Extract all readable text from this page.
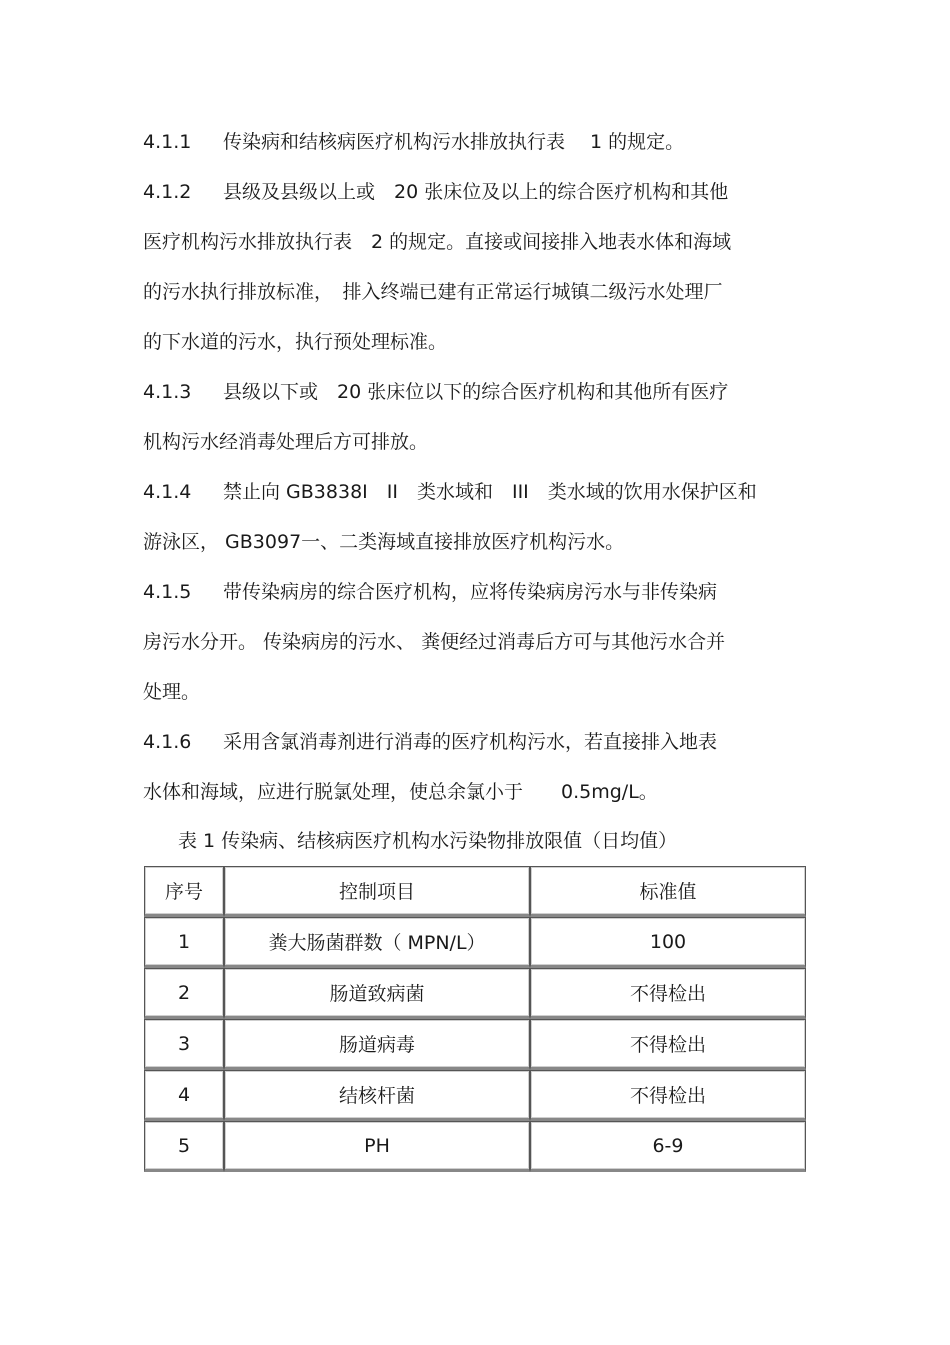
4.1.1 传染病和结核病医疗机构污水排放执行表　 1 的规定。
4.1.2 县级及县级以上或　20 张床位及以上的综合医疗机构和其他
医疗机构污水排放执行表　2 的规定。直接或间接排入地表水体和海域
的污水执行排放标准，　排入终端已建有正常运行城镇二级污水处理厂
的下水道的污水，执行预处理标准。
4.1.3 县级以下或　20 张床位以下的综合医疗机构和其他所有医疗
机构污水经消毒处理后方可排放。
4.1.4 禁止向 GB3838Ⅰ　II　类水域和　III　类水域的饮用水保护区和
游泳区， GB3097一、二类海域直接排放医疗机构污水。
4.1.5 带传染病房的综合医疗机构，应将传染病房污水与非传染病
房污水分开。 传染病房的污水、 粪便经过消毒后方可与其他污水合并
处理。
4.1.6 采用含氯消毒剂进行消毒的医疗机构污水，若直接排入地表
水体和海域，应进行脱氯处理，使总余氯小于　　0.5mg/L。
表 1 传染病、结核病医疗机构水污染物排放限值（日均值）
序号	控制项目	标准值
1	粪大肠菌群数（ MPN/L）	100
2	肠道致病菌	不得检出
3	肠道病毒	不得检出
4	结核杆菌	不得检出
5	PH	6-9
